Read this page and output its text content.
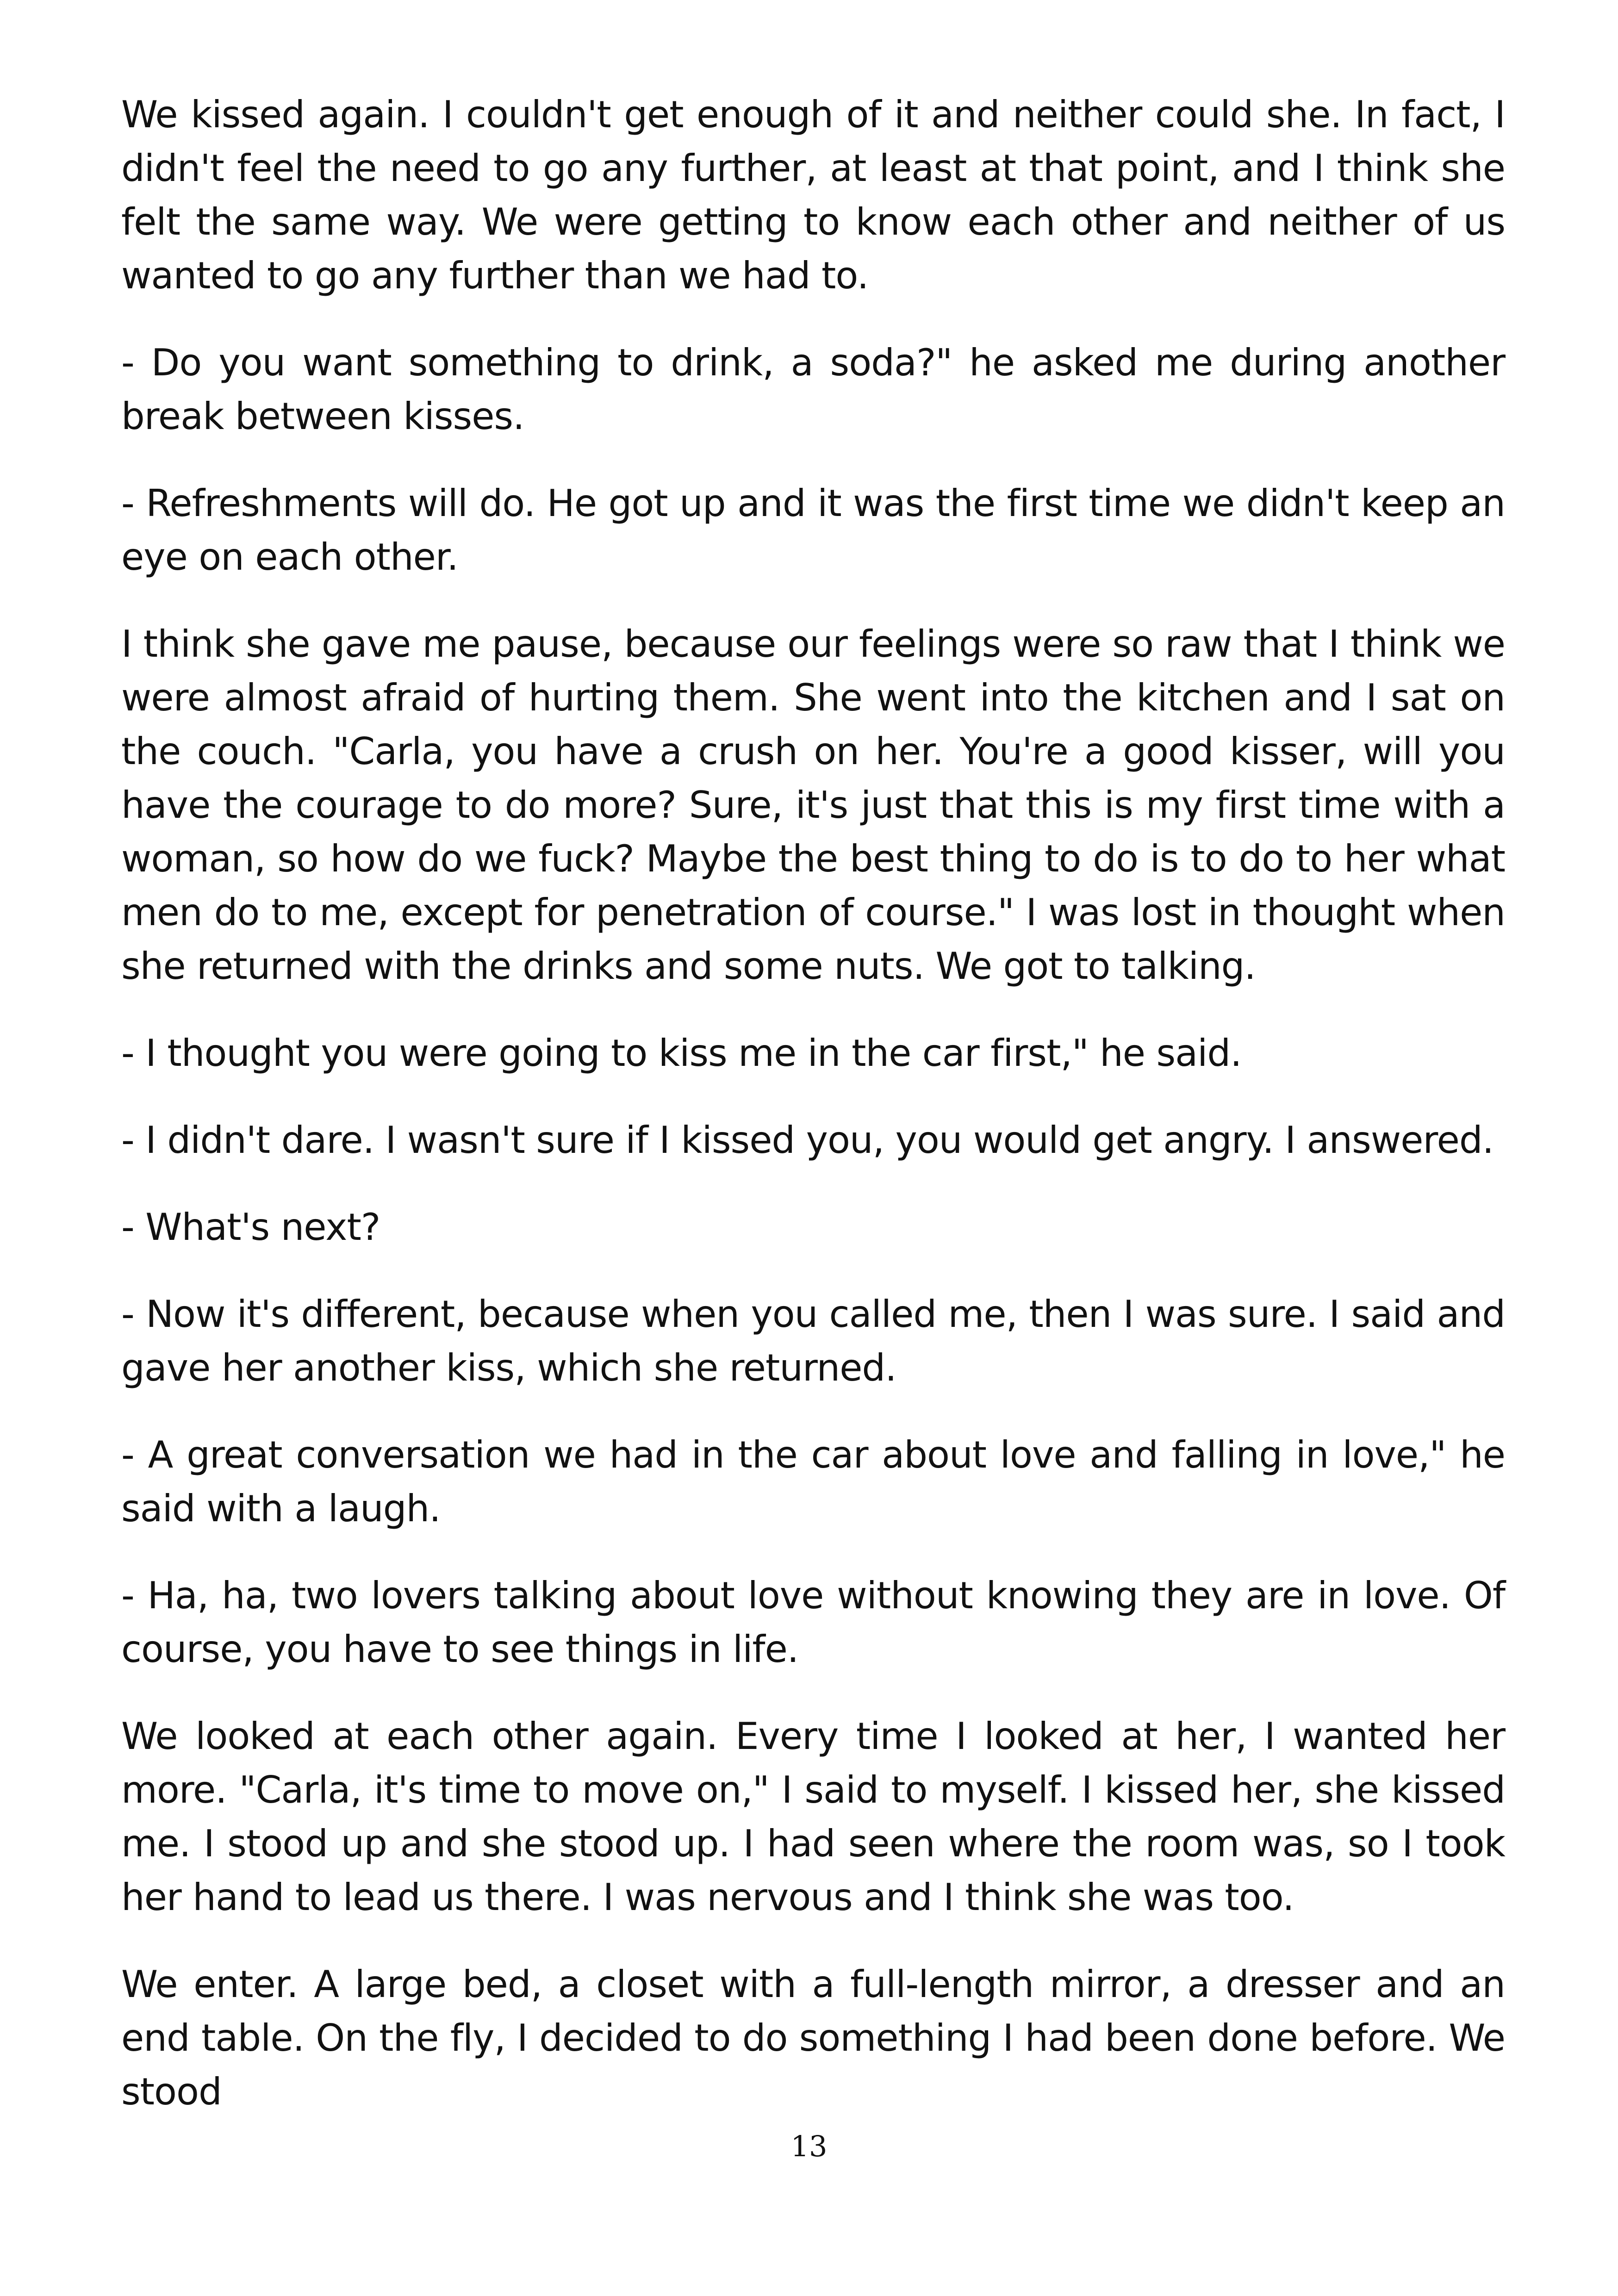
We kissed again. I couldn't get enough of it and neither could she. In fact, I didn't feel the need to go any further, at least at that point, and I think she felt the same way. We were getting to know each other and neither of us wanted to go any further than we had to.

- Do you want something to drink, a soda?" he asked me during another break between kisses.

- Refreshments will do. He got up and it was the first time we didn't keep an eye on each other.

I think she gave me pause, because our feelings were so raw that I think we were almost afraid of hurting them. She went into the kitchen and I sat on the couch. "Carla, you have a crush on her. You're a good kisser, will you have the courage to do more? Sure, it's just that this is my first time with a woman, so how do we fuck? Maybe the best thing to do is to do to her what men do to me, except for penetration of course." I was lost in thought when she returned with the drinks and some nuts. We got to talking.

- I thought you were going to kiss me in the car first," he said.

- I didn't dare. I wasn't sure if I kissed you, you would get angry. I answered.

- What's next?

- Now it's different, because when you called me, then I was sure. I said and gave her another kiss, which she returned.

- A great conversation we had in the car about love and falling in love," he said with a laugh.

- Ha, ha, two lovers talking about love without knowing they are in love. Of course, you have to see things in life.

We looked at each other again. Every time I looked at her, I wanted her more. "Carla, it's time to move on," I said to myself. I kissed her, she kissed me. I stood up and she stood up. I had seen where the room was, so I took her hand to lead us there. I was nervous and I think she was too.

We enter. A large bed, a closet with a full-length mirror, a dresser and an end table. On the fly, I decided to do something I had been done before. We stood

13
